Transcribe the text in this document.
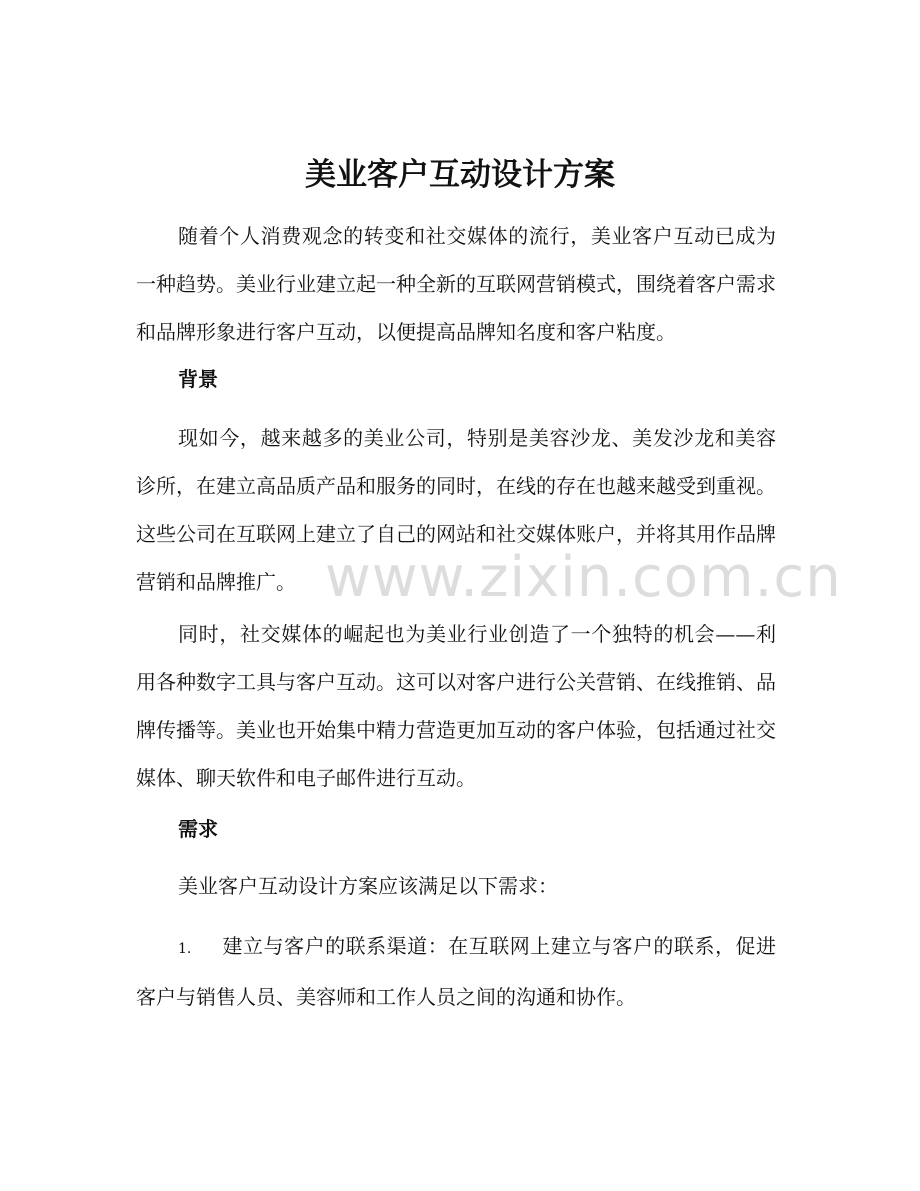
美业客户互动设计方案

随着个人消费观念的转变和社交媒体的流行，美业客户互动已成为一种趋势。美业行业建立起一种全新的互联网营销模式，围绕着客户需求和品牌形象进行客户互动，以便提高品牌知名度和客户粘度。

背景

现如今，越来越多的美业公司，特别是美容沙龙、美发沙龙和美容诊所，在建立高品质产品和服务的同时，在线的存在也越来越受到重视。这些公司在互联网上建立了自己的网站和社交媒体账户，并将其用作品牌营销和品牌推广。

同时，社交媒体的崛起也为美业行业创造了一个独特的机会——利用各种数字工具与客户互动。这可以对客户进行公关营销、在线推销、品牌传播等。美业也开始集中精力营造更加互动的客户体验，包括通过社交媒体、聊天软件和电子邮件进行互动。

需求

美业客户互动设计方案应该满足以下需求：

1. 建立与客户的联系渠道：在互联网上建立与客户的联系，促进客户与销售人员、美容师和工作人员之间的沟通和协作。
www.zixin.com.cn
